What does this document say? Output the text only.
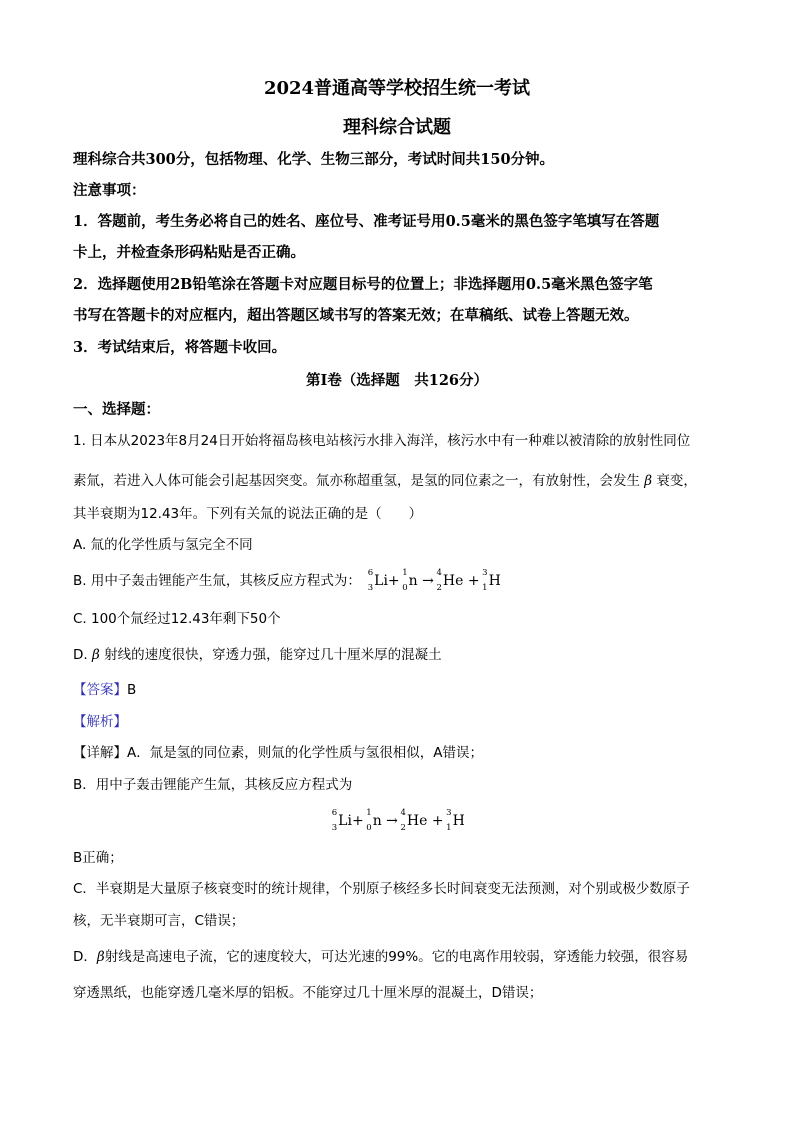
2024普通高等学校招生统一考试
理科综合试题
理科综合共300分，包括物理、化学、生物三部分，考试时间共150分钟。
注意事项：
1．答题前，考生务必将自己的姓名、座位号、准考证号用0.5毫米的黑色签字笔填写在答题
卡上，并检查条形码粘贴是否正确。
2．选择题使用2B铅笔涂在答题卡对应题目标号的位置上；非选择题用0.5毫米黑色签字笔
书写在答题卡的对应框内，超出答题区域书写的答案无效；在草稿纸、试卷上答题无效。
3．考试结束后，将答题卡收回。
第Ⅰ卷（选择题　共126分）
一、选择题：
1. 日本从2023年8月24日开始将福岛核电站核污水排入海洋，核污水中有一种难以被清除的放射性同位
素氚，若进入人体可能会引起基因突变。氚亦称超重氢，是氢的同位素之一，有放射性，会发生 β 衰变，
其半衰期为12.43年。下列有关氚的说法正确的是（　　）
A. 氚的化学性质与氢完全不同
B. 用中子轰击锂能产生氚，其核反应方程式为： 6
3 Li+ 1
0 n → 4
2 He + 3
1 H
C. 100个氚经过12.43年剩下50个
D. β 射线的速度很快，穿透力强，能穿过几十厘米厚的混凝土
【答案】B
【解析】
【详解】A．氚是氢的同位素，则氚的化学性质与氢很相似，A错误；
B．用中子轰击锂能产生氚，其核反应方程式为
6
3 Li+ 1
0 n → 4
2 He + 3
1 H
B正确；
C．半衰期是大量原子核衰变时的统计规律，个别原子核经多长时间衰变无法预测，对个别或极少数原子
核，无半衰期可言，C错误；
D．β射线是高速电子流，它的速度较大，可达光速的99%。它的电离作用较弱，穿透能力较强，很容易
穿透黑纸，也能穿透几毫米厚的铝板。不能穿过几十厘米厚的混凝土，D错误；
